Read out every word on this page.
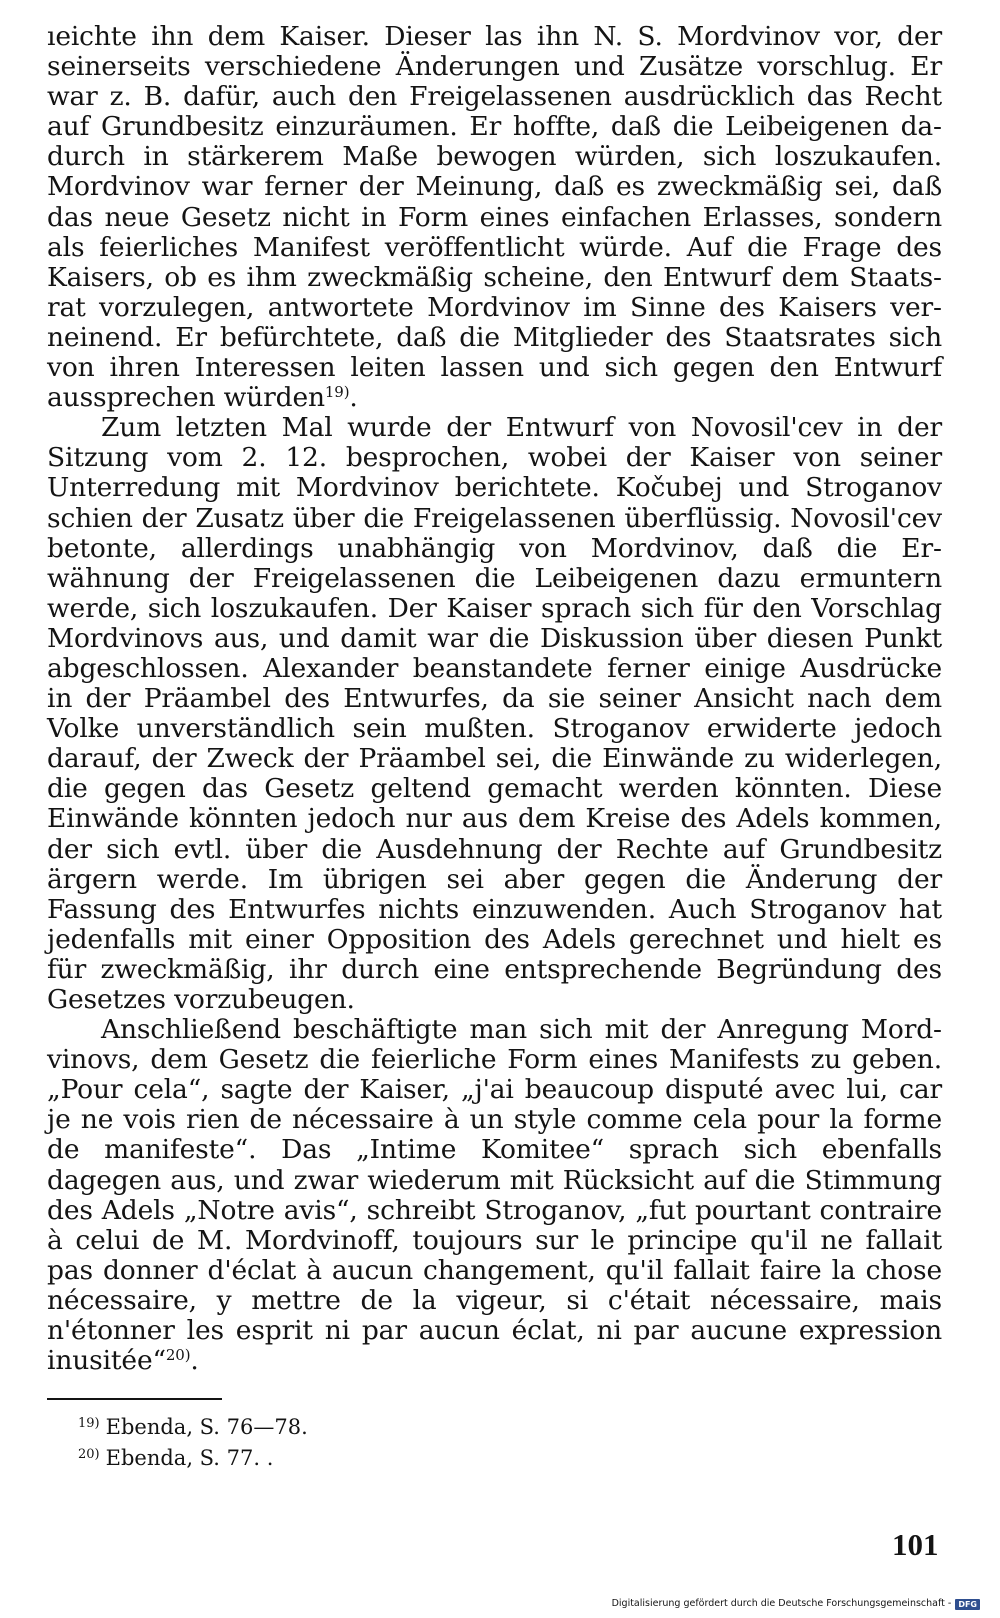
ıeichte ihn dem Kaiser. Dieser las ihn N. S. Mordvinov vor, der seinerseits verschiedene Änderungen und Zusätze vorschlug. Er war z. B. dafür, auch den Freigelassenen ausdrücklich das Recht auf Grundbesitz einzuräumen. Er hoffte, daß die Leibeigenen dadurch in stärkerem Maße bewogen würden, sich loszukaufen. Mordvinov war ferner der Meinung, daß es zweckmäßig sei, daß das neue Gesetz nicht in Form eines einfachen Erlasses, sondern als feierliches Manifest veröffentlicht würde. Auf die Frage des Kaisers, ob es ihm zweckmäßig scheine, den Entwurf dem Staatsrat vorzulegen, antwortete Mordvinov im Sinne des Kaisers verneinend. Er befürchtete, daß die Mitglieder des Staatsrates sich von ihren Interessen leiten lassen und sich gegen den Entwurf aussprechen würden$^{19)}$.

Zum letzten Mal wurde der Entwurf von Novosil'cev in der Sitzung vom 2. 12. besprochen, wobei der Kaiser von seiner Unterredung mit Mordvinov berichtete. Kočubej und Stroganov schien der Zusatz über die Freigelassenen überflüssig. Novosil'cev betonte, allerdings unabhängig von Mordvinov, daß die Erwähnung der Freigelassenen die Leibeigenen dazu ermuntern werde, sich loszukaufen. Der Kaiser sprach sich für den Vorschlag Mordvinovs aus, und damit war die Diskussion über diesen Punkt abgeschlossen. Alexander beanstandete ferner einige Ausdrücke in der Präambel des Entwurfes, da sie seiner Ansicht nach dem Volke unverständlich sein mußten. Stroganov erwiderte jedoch darauf, der Zweck der Präambel sei, die Einwände zu widerlegen, die gegen das Gesetz geltend gemacht werden könnten. Diese Einwände könnten jedoch nur aus dem Kreise des Adels kommen, der sich evtl. über die Ausdehnung der Rechte auf Grundbesitz ärgern werde. Im übrigen sei aber gegen die Änderung der Fassung des Entwurfes nichts einzuwenden. Auch Stroganov hat jedenfalls mit einer Opposition des Adels gerechnet und hielt es für zweckmäßig, ihr durch eine entsprechende Begründung des Gesetzes vorzubeugen.

Anschließend beschäftigte man sich mit der Anregung Mordvinovs, dem Gesetz die feierliche Form eines Manifests zu geben. „Pour cela“, sagte der Kaiser, „j'ai beaucoup disputé avec lui, car je ne vois rien de nécessaire à un style comme cela pour la forme de manifeste“. Das „Intime Komitee“ sprach sich ebenfalls dagegen aus, und zwar wiederum mit Rücksicht auf die Stimmung des Adels „Notre avis“, schreibt Stroganov, „fut pourtant contraire à celui de M. Mordvinoff, toujours sur le principe qu'il ne fallait pas donner d'éclat à aucun changement, qu'il fallait faire la chose nécessaire, y mettre de la vigeur, si c'était nécessaire, mais n'étonner les esprit ni par aucun éclat, ni par aucune expression inusitée“$^{20)}$.

$^{19)}$ Ebenda, S. 76—78.

$^{20)}$ Ebenda, S. 77. .

101
Digitalisierung gefördert durch die Deutsche Forschungsgemeinschaft - DFG
